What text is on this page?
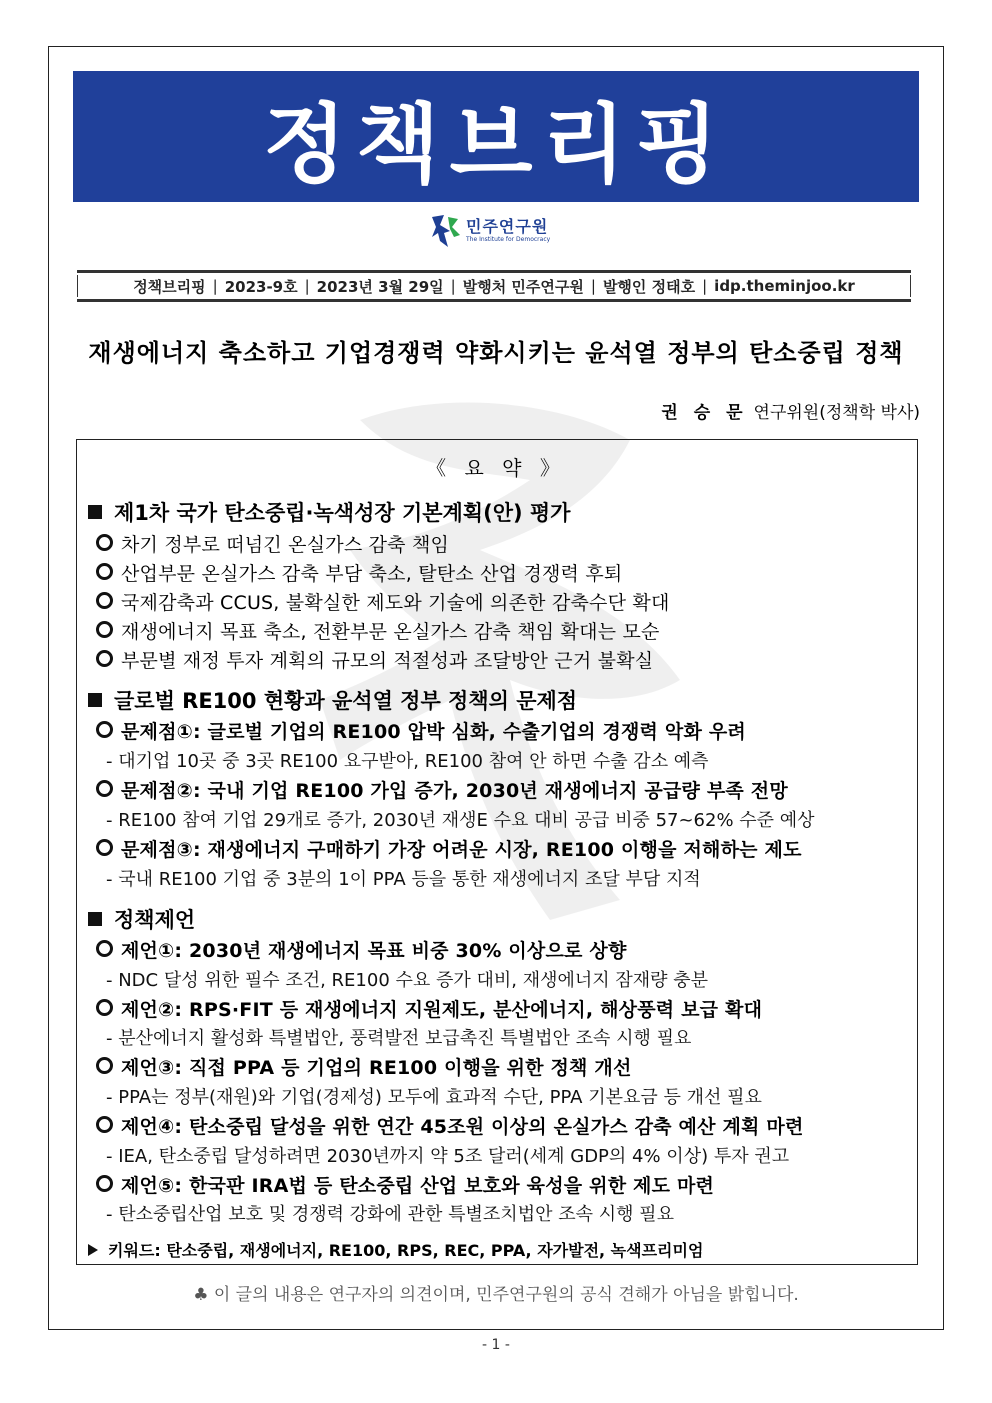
정책브리핑
민주연구원
The Institute for Democracy
정책브리핑 | 2023-9호 | 2023년 3월 29일 | 발행처 민주연구원 | 발행인 정태호 | idp.theminjoo.kr
재생에너지 축소하고 기업경쟁력 약화시키는 윤석열 정부의 탄소중립 정책
권 승 문 연구위원(정책학 박사)
《 요 약 》
제1차 국가 탄소중립·녹색성장 기본계획(안) 평가
차기 정부로 떠넘긴 온실가스 감축 책임
산업부문 온실가스 감축 부담 축소, 탈탄소 산업 경쟁력 후퇴
국제감축과 CCUS, 불확실한 제도와 기술에 의존한 감축수단 확대
재생에너지 목표 축소, 전환부문 온실가스 감축 책임 확대는 모순
부문별 재정 투자 계획의 규모의 적절성과 조달방안 근거 불확실
글로벌 RE100 현황과 윤석열 정부 정책의 문제점
문제점①: 글로벌 기업의 RE100 압박 심화, 수출기업의 경쟁력 악화 우려
- 대기업 10곳 중 3곳 RE100 요구받아, RE100 참여 안 하면 수출 감소 예측
문제점②: 국내 기업 RE100 가입 증가, 2030년 재생에너지 공급량 부족 전망
- RE100 참여 기업 29개로 증가, 2030년 재생E 수요 대비 공급 비중 57~62% 수준 예상
문제점③: 재생에너지 구매하기 가장 어려운 시장, RE100 이행을 저해하는 제도
- 국내 RE100 기업 중 3분의 1이 PPA 등을 통한 재생에너지 조달 부담 지적
정책제언
제언①: 2030년 재생에너지 목표 비중 30% 이상으로 상향
- NDC 달성 위한 필수 조건, RE100 수요 증가 대비, 재생에너지 잠재량 충분
제언②: RPS·FIT 등 재생에너지 지원제도, 분산에너지, 해상풍력 보급 확대
- 분산에너지 활성화 특별법안, 풍력발전 보급촉진 특별법안 조속 시행 필요
제언③: 직접 PPA 등 기업의 RE100 이행을 위한 정책 개선
- PPA는 정부(재원)와 기업(경제성) 모두에 효과적 수단, PPA 기본요금 등 개선 필요
제언④: 탄소중립 달성을 위한 연간 45조원 이상의 온실가스 감축 예산 계획 마련
- IEA, 탄소중립 달성하려면 2030년까지 약 5조 달러(세계 GDP의 4% 이상) 투자 권고
제언⑤: 한국판 IRA법 등 탄소중립 산업 보호와 육성을 위한 제도 마련
- 탄소중립산업 보호 및 경쟁력 강화에 관한 특별조치법안 조속 시행 필요
키워드: 탄소중립, 재생에너지, RE100, RPS, REC, PPA, 자가발전, 녹색프리미엄
♣ 이 글의 내용은 연구자의 의견이며, 민주연구원의 공식 견해가 아님을 밝힙니다.
- 1 -
